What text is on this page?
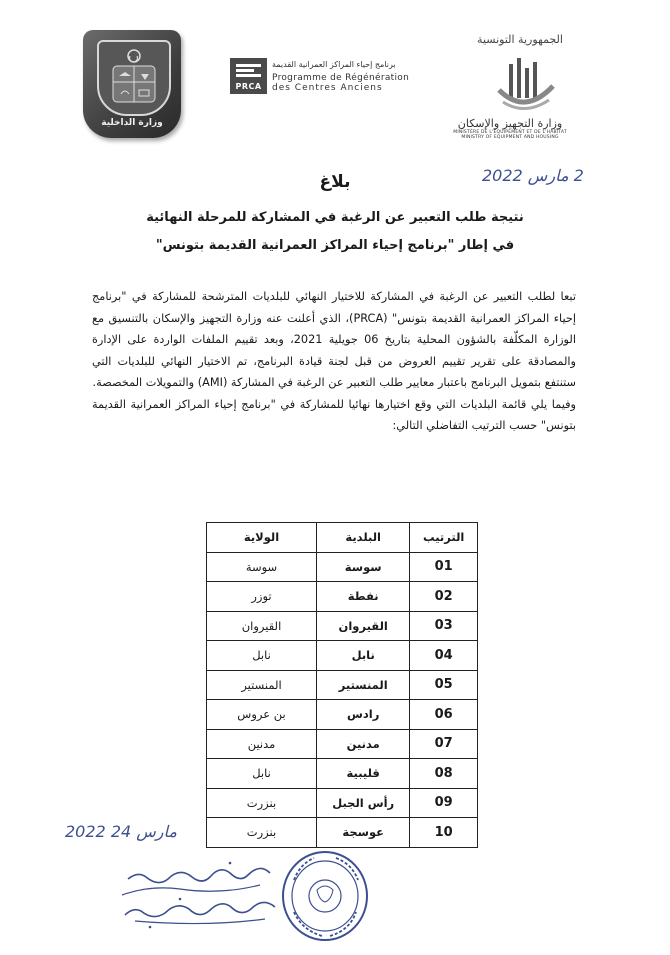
وزارة الداخلية
PRCA
برنامج إحياء المراكز العمرانية القديمة
Programme de Régénération
des Centres Anciens
الجمهورية التونسية
وزارة التجهيز والإسكان
MINISTÈRE DE L'ÉQUIPEMENT ET DE L'HABITAT
MINISTRY OF EQUIPMENT AND HOUSING
2 مارس 2022
بلاغ
نتيجة طلب التعبير عن الرغبة في المشاركة للمرحلة النهائية
في إطار "برنامج إحياء المراكز العمرانية القديمة بتونس"

تبعا لطلب التعبير عن الرغبة في المشاركة للاختيار النهائي للبلديات المترشحة للمشاركة في "برنامج إحياء المراكز العمرانية القديمة بتونس" (PRCA)، الذي أعلنت عنه وزارة التجهيز والإسكان بالتنسيق مع الوزارة المكلّفة بالشؤون المحلية بتاريخ 06 جويلية 2021، وبعد تقييم الملفات الواردة على الإدارة والمصادقة على تقرير تقييم العروض من قبل لجنة قيادة البرنامج، تم الاختيار النهائي للبلديات التي ستنتفع بتمويل البرنامج باعتبار معايير طلب التعبير عن الرغبة في المشاركة (AMI) والتمويلات المخصصة.

وفيما يلي قائمة البلديات التي وقع اختيارها نهائيا للمشاركة في "برنامج إحياء المراكز العمرانية القديمة بتونس" حسب الترتيب التفاضلي التالي:

الترتيب	البلدية	الولاية
01	سوسة	سوسة
02	نفطة	توزر
03	القيروان	القيروان
04	نابل	نابل
05	المنستير	المنستير
06	رادس	بن عروس
07	مدنين	مدنين
08	قليبية	نابل
09	رأس الجبل	بنزرت
10	عوسجة	بنزرت
2022 مارس 24
